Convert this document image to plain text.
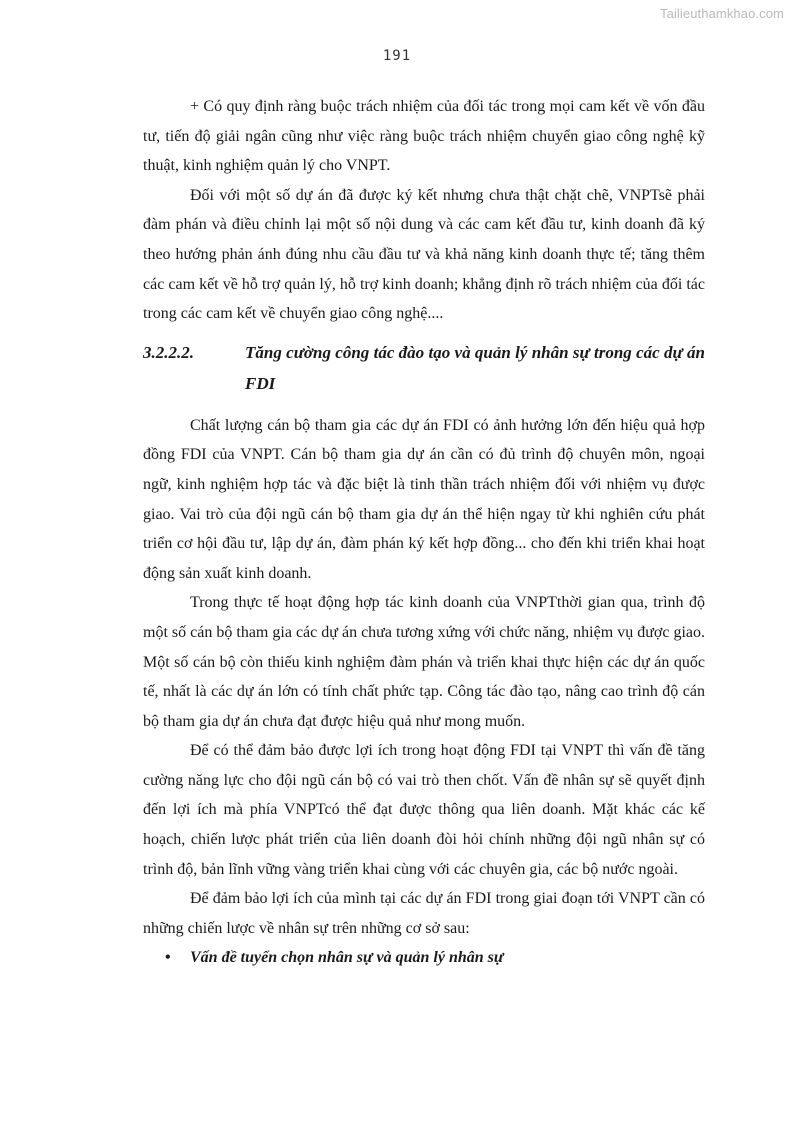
Tailieuthamkhao.com
191

+ Có quy định ràng buộc trách nhiệm của đối tác trong mọi cam kết về vốn đầu tư, tiến độ giải ngân cũng như việc ràng buộc trách nhiệm chuyển giao công nghệ kỹ thuật, kinh nghiệm quản lý cho VNPT.

Đối với một số dự án đã được ký kết nhưng chưa thật chặt chẽ, VNPTsẽ phải đàm phán và điều chỉnh lại một số nội dung và các cam kết đầu tư, kinh doanh đã ký theo hướng phản ánh đúng nhu cầu đầu tư và khả năng kinh doanh thực tế; tăng thêm các cam kết về hỗ trợ quản lý, hỗ trợ kinh doanh; khẳng định rõ trách nhiệm của đối tác trong các cam kết về chuyển giao công nghệ....

3.2.2.2.	Tăng cường công tác đào tạo và quản lý nhân sự trong các dự án FDI

Chất lượng cán bộ tham gia các dự án FDI có ảnh hưởng lớn đến hiệu quả hợp đồng FDI của VNPT. Cán bộ tham gia dự án cần có đủ trình độ chuyên môn, ngoại ngữ, kinh nghiệm hợp tác và đặc biệt là tinh thần trách nhiệm đối với nhiệm vụ được giao. Vai trò của đội ngũ cán bộ tham gia dự án thể hiện ngay từ khi nghiên cứu phát triển cơ hội đầu tư, lập dự án, đàm phán ký kết hợp đồng... cho đến khi triển khai hoạt động sản xuất kinh doanh.

Trong thực tế hoạt động hợp tác kinh doanh của VNPTthời gian qua, trình độ một số cán bộ tham gia các dự án chưa tương xứng với chức năng, nhiệm vụ được giao. Một số cán bộ còn thiếu kinh nghiệm đàm phán và triển khai thực hiện các dự án quốc tế, nhất là các dự án lớn có tính chất phức tạp. Công tác đào tạo, nâng cao trình độ cán bộ tham gia dự án chưa đạt được hiệu quả như mong muốn.

Để có thể đảm bảo được lợi ích trong hoạt động FDI tại VNPT thì vấn đề tăng cường năng lực cho đội ngũ cán bộ có vai trò then chốt. Vấn đề nhân sự sẽ quyết định đến lợi ích mà phía VNPTcó thể đạt được thông qua liên doanh. Mặt khác các kế hoạch, chiến lược phát triển của liên doanh đòi hỏi chính những đội ngũ nhân sự có trình độ, bản lĩnh vững vàng triển khai cùng với các chuyên gia, các bộ nước ngoài.

Để đảm bảo lợi ích của mình tại các dự án FDI trong giai đoạn tới VNPT cần có những chiến lược về nhân sự trên những cơ sở sau:

•	Vấn đề tuyển chọn nhân sự và quản lý nhân sự
